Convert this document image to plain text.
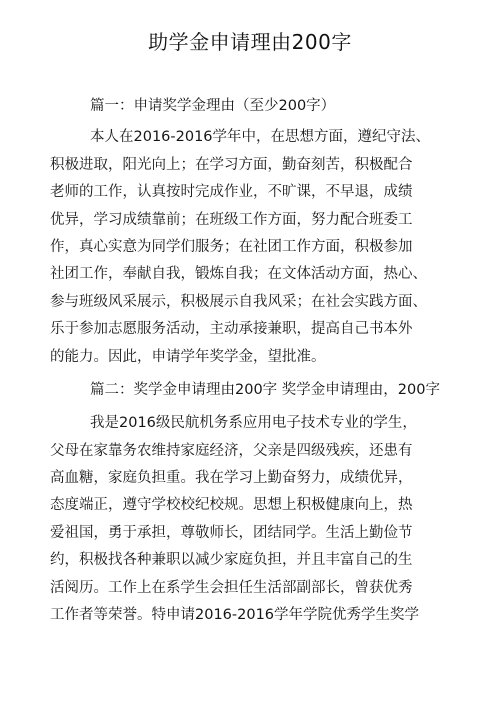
助学金申请理由200字
篇一：申请奖学金理由（至少200字）
本人在2016-2016学年中，在思想方面，遵纪守法、
积极进取，阳光向上；在学习方面，勤奋刻苦，积极配合
老师的工作，认真按时完成作业，不旷课，不早退，成绩
优异，学习成绩靠前；在班级工作方面，努力配合班委工
作，真心实意为同学们服务；在社团工作方面，积极参加
社团工作，奉献自我，锻炼自我；在文体活动方面，热心、
参与班级风采展示，积极展示自我风采；在社会实践方面、
乐于参加志愿服务活动，主动承接兼职，提高自己书本外
的能力。因此，申请学年奖学金，望批准。
篇二：奖学金申请理由200字 奖学金申请理由，200字
我是2016级民航机务系应用电子技术专业的学生，
父母在家靠务农维持家庭经济，父亲是四级残疾，还患有
高血糖，家庭负担重。我在学习上勤奋努力，成绩优异，
态度端正，遵守学校校纪校规。思想上积极健康向上，热
爱祖国，勇于承担，尊敬师长，团结同学。生活上勤俭节
约，积极找各种兼职以减少家庭负担，并且丰富自己的生
活阅历。工作上在系学生会担任生活部副部长，曾获优秀
工作者等荣誉。特申请2016-2016学年学院优秀学生奖学
